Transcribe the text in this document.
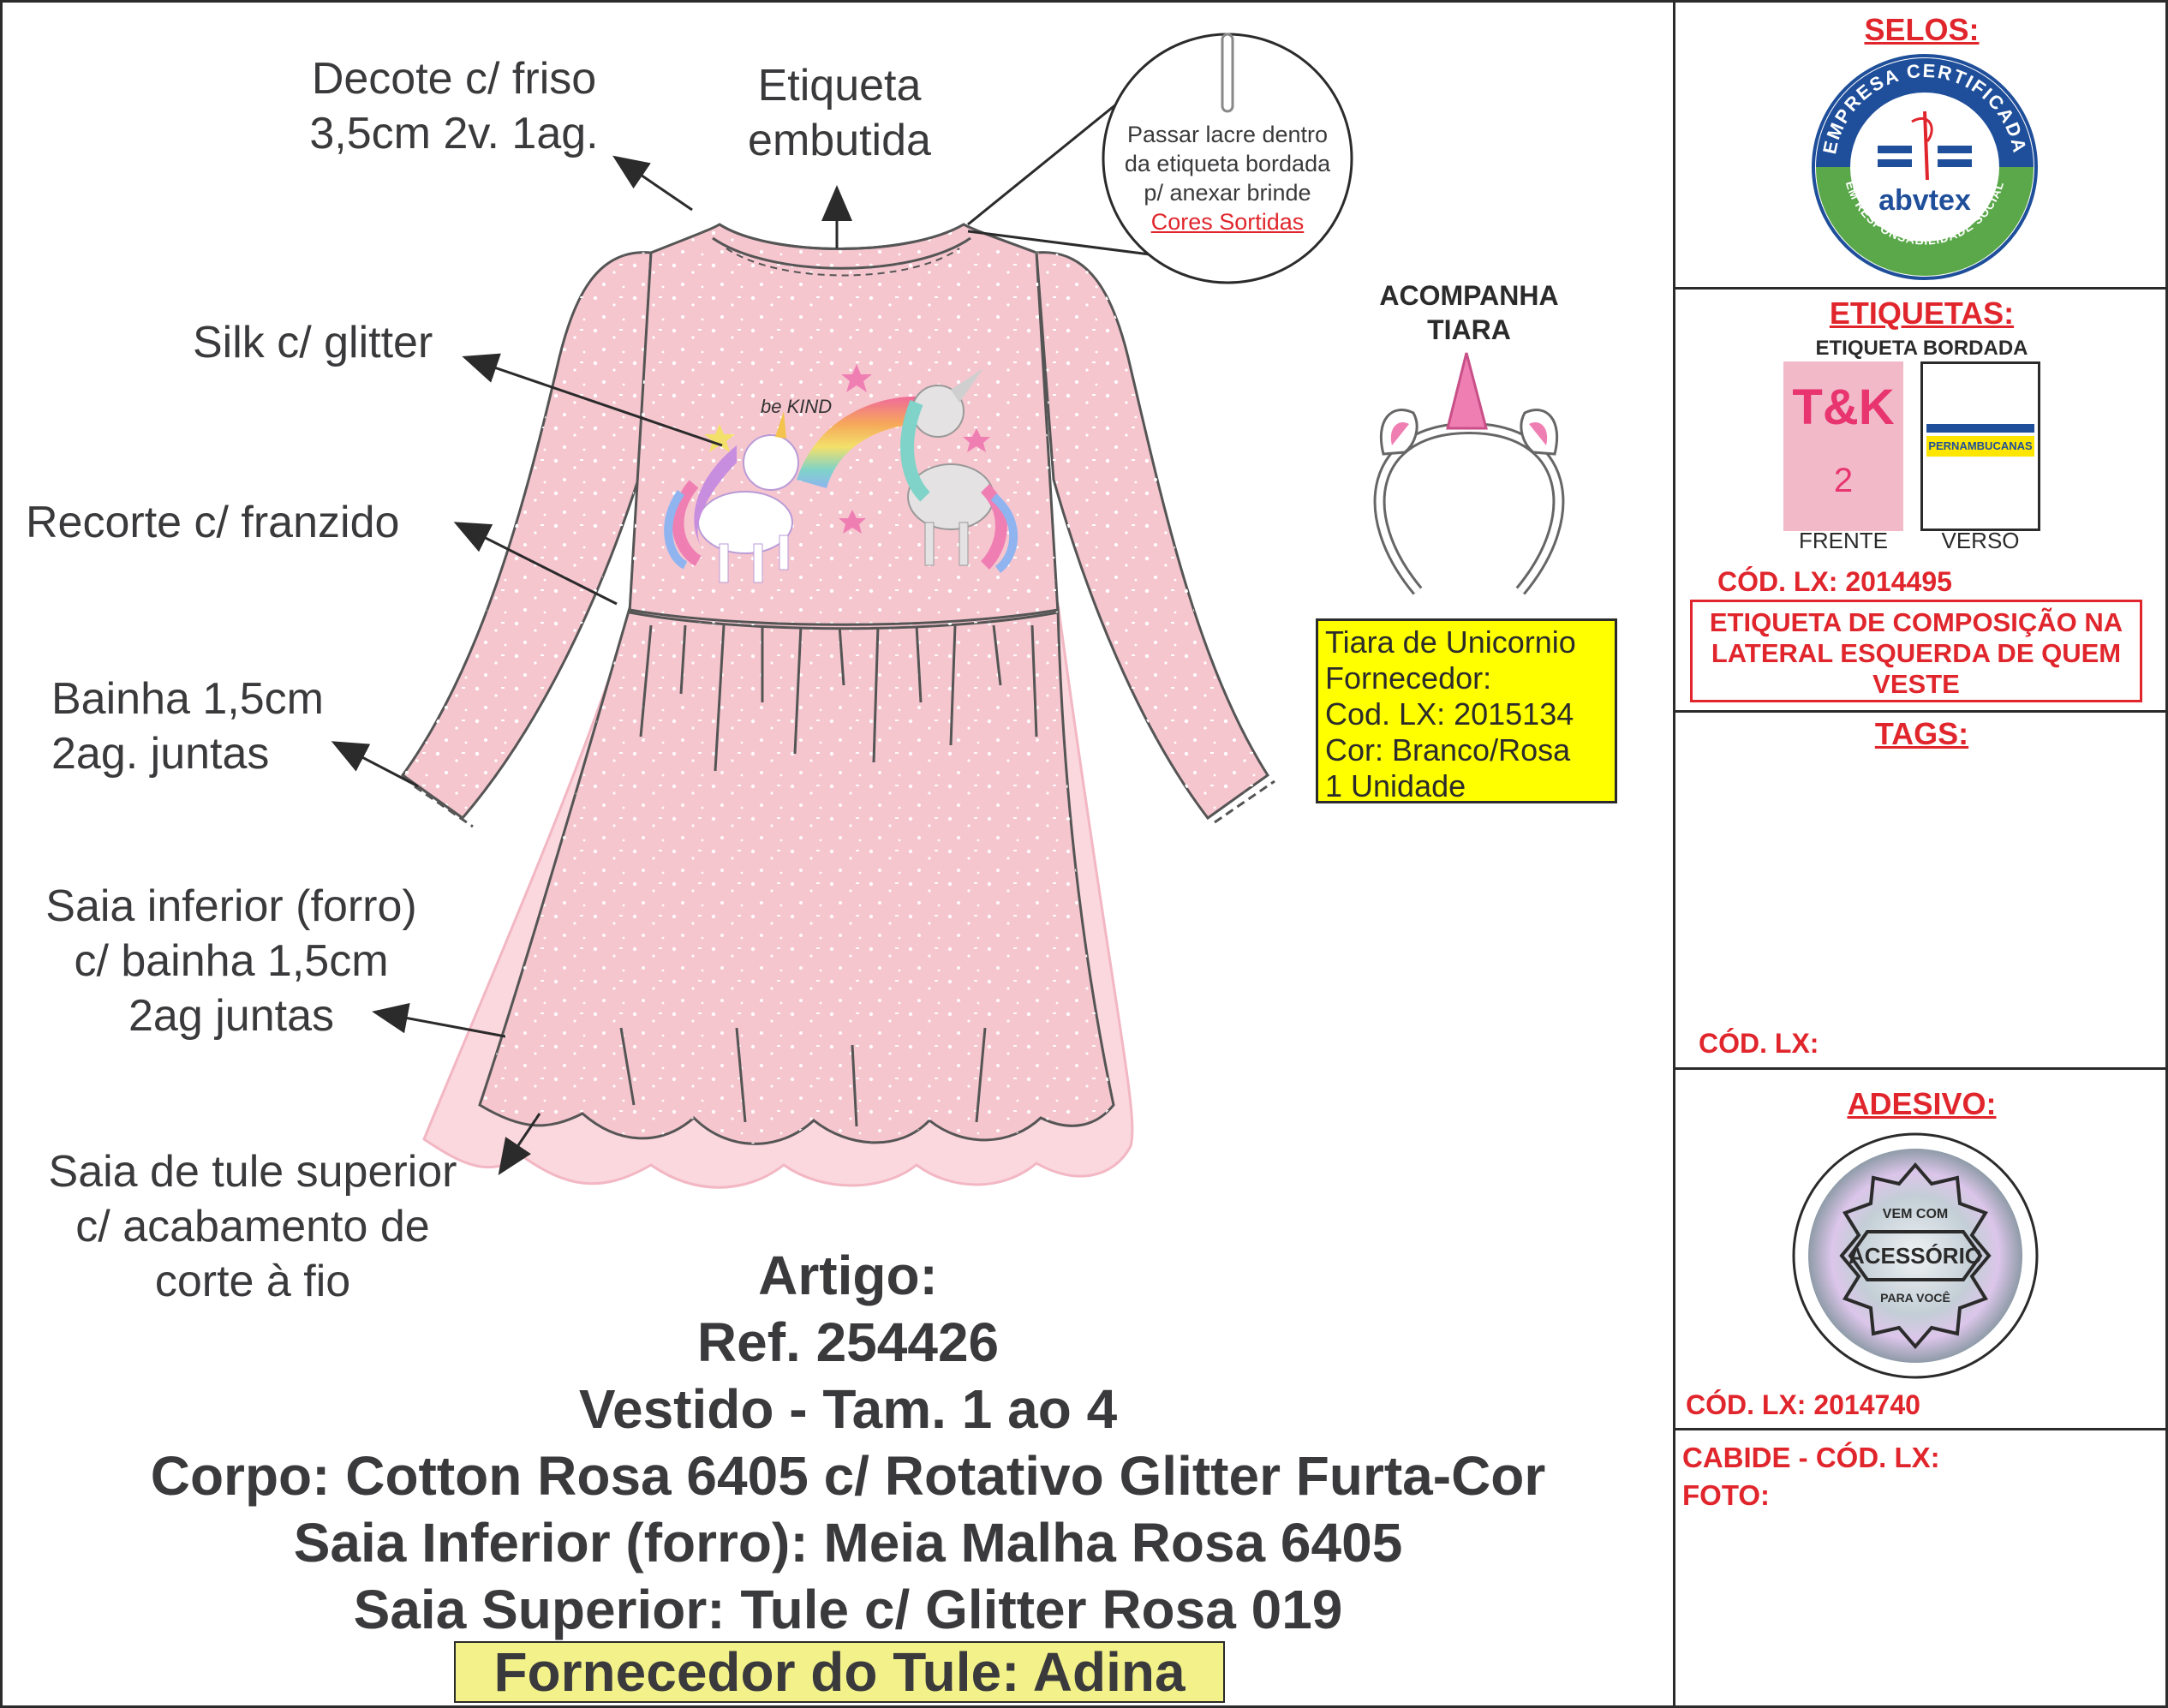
be KIND
Decote c/ friso
3,5cm 2v. 1ag.
Etiqueta
embutida
Silk c/ glitter
Recorte c/ franzido
Bainha 1,5cm
2ag. juntas
Saia inferior (forro)
c/ bainha 1,5cm
2ag juntas
Saia de tule superior
c/ acabamento de
corte à fio
Passar lacre dentro
da etiqueta bordada
p/ anexar brinde
Cores Sortidas
ACOMPANHA
TIARA
Tiara de Unicornio
Fornecedor:
Cod. LX: 2015134
Cor: Branco/Rosa
1 Unidade
Artigo:
Ref. 254426
Vestido - Tam. 1 ao 4
Corpo: Cotton Rosa 6405 c/ Rotativo Glitter Furta-Cor
Saia Inferior (forro): Meia Malha Rosa 6405
Saia Superior: Tule c/ Glitter Rosa 019
Fornecedor do Tule: Adina
SELOS:
EMPRESA CERTIFICADA
EM RESPONSABILIDADE SOCIAL
abvtex
ETIQUETAS:
ETIQUETA BORDADA
T&K
2
PERNAMBUCANAS
FRENTE	VERSO
CÓD. LX: 2014495
ETIQUETA DE COMPOSIÇÃO NA
LATERAL ESQUERDA DE QUEM
VESTE
TAGS:
CÓD. LX:
ADESIVO:
VEM COM
ACESSÓRIO
PARA VOCÊ
CÓD. LX: 2014740
CABIDE - CÓD. LX:
FOTO:
